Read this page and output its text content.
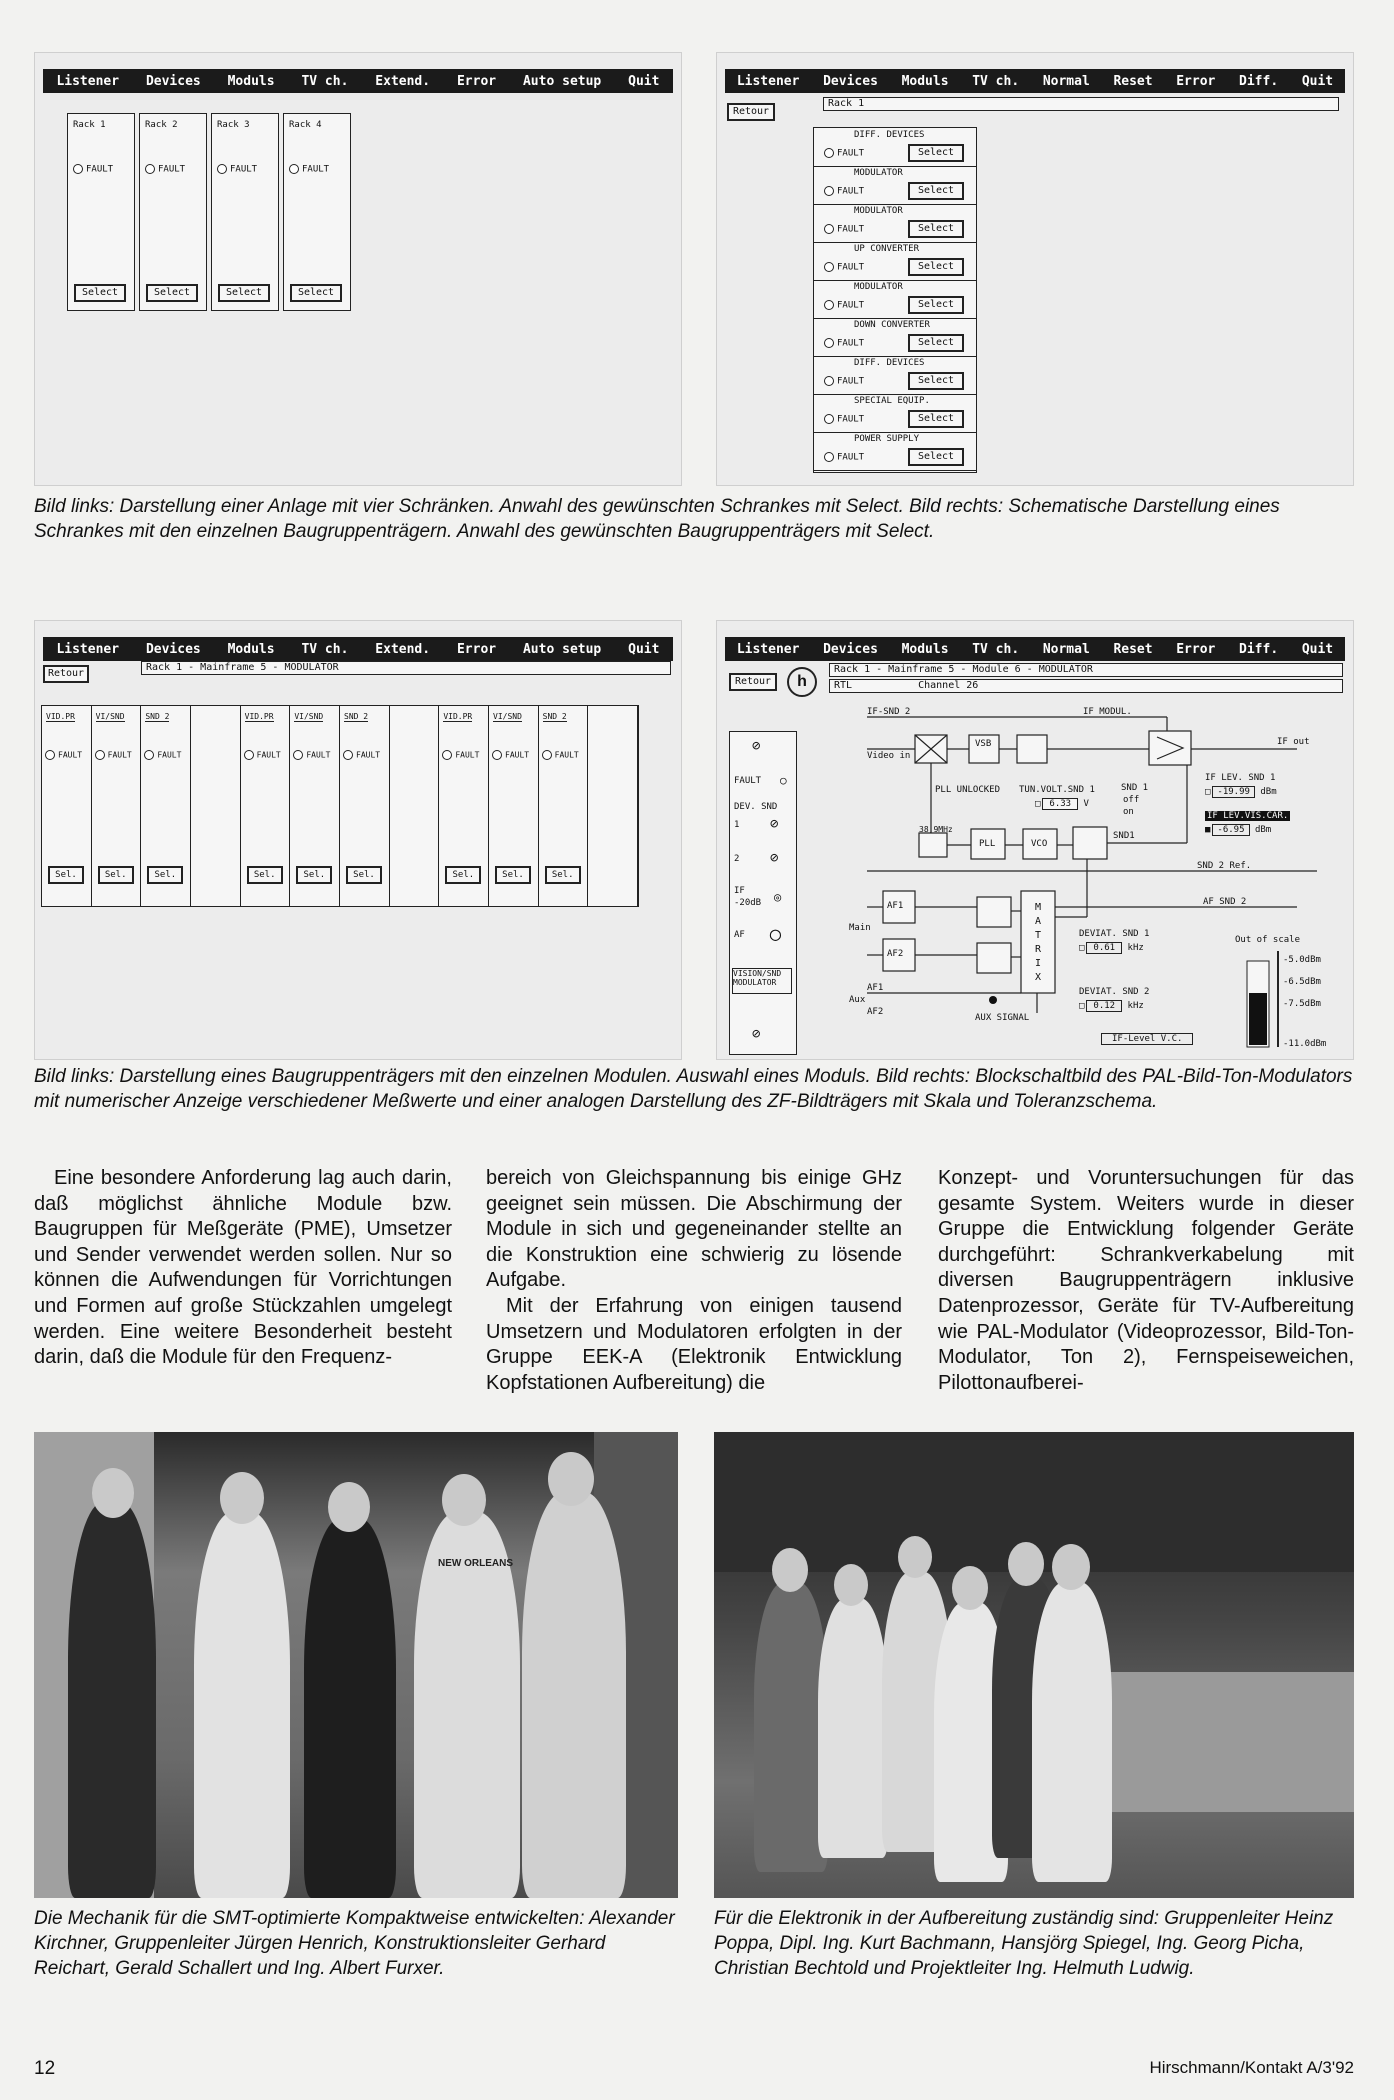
Listener Devices Moduls TV ch. Extend. Error Auto setup Quit
Rack 1
FAULT
Select
Rack 2
FAULT
Select
Rack 3
FAULT
Select
Rack 4
FAULT
Select
Listener Devices Moduls TV ch. Normal Reset Error Diff. Quit
Retour
Rack 1
DIFF. DEVICES
FAULT	Select
MODULATOR
FAULT	Select
MODULATOR
FAULT	Select
UP CONVERTER
FAULT	Select
MODULATOR
FAULT	Select
DOWN CONVERTER
FAULT	Select
DIFF. DEVICES
FAULT	Select
SPECIAL EQUIP.
FAULT	Select
POWER SUPPLY
FAULT	Select
Bild links: Darstellung einer Anlage mit vier Schränken. Anwahl des gewünschten Schrankes mit Select. Bild rechts: Schematische Darstellung eines Schrankes mit den einzelnen Baugruppenträgern. Anwahl des gewünschten Baugruppenträgers mit Select.
Listener Devices Moduls TV ch. Extend. Error Auto setup Quit
Retour
Rack 1 - Mainframe 5 - MODULATOR
VID.PR
FAULT
Sel.
VI/SND
FAULT
Sel.
SND 2
FAULT
Sel.
VID.PR
FAULT
Sel.
VI/SND
FAULT
Sel.
SND 2
FAULT
Sel.
VID.PR
FAULT
Sel.
VI/SND
FAULT
Sel.
SND 2
FAULT
Sel.
Listener Devices Moduls TV ch. Normal Reset Error Diff. Quit
Retour	h
Rack 1 - Mainframe 5 - Module 6 - MODULATOR
RTL	Channel 26
⊘
FAULT ○
DEV. SND
1 ⊘
2 ⊘
IF
-20dB ◎
AF ◯
VISION/SND
MODULATOR
⊘
IF-SND 2	IF MODUL.
Video in
VSB	IF out
PLL UNLOCKED TUN.VOLT.SND 1
□ 6.33 V
SND 1
off
on
IF LEV. SND 1
□ -19.99 dBm
IF LEV.VIS.CAR.
■ -6.95 dBm
38,9MHz
PLL	VCO
SND1
SND 2 Ref.
AF1
AF2
AF SND 2
Main
AF1
Aux
AF2
M
A
T
R
I
X
DEVIAT. SND 1
□ 0.61 kHz
DEVIAT. SND 2
□ 0.12 kHz
AUX SIGNAL
IF-Level V.C.
Out of scale
-5.0dBm
-6.5dBm
-7.5dBm
-11.0dBm
Bild links: Darstellung eines Baugruppenträgers mit den einzelnen Modulen. Auswahl eines Moduls. Bild rechts: Blockschaltbild des PAL-Bild-Ton-Modulators mit numerischer Anzeige verschiedener Meßwerte und einer analogen Darstellung des ZF-Bildträgers mit Skala und Toleranzschema.

Eine besondere Anforderung lag auch darin, daß möglichst ähnliche Module bzw. Baugruppen für Meßgeräte (PME), Umsetzer und Sender verwendet werden sollen. Nur so können die Aufwendungen für Vorrichtungen und Formen auf große Stückzahlen umgelegt werden. Eine weitere Besonderheit besteht darin, daß die Module für den Frequenz-

bereich von Gleichspannung bis einige GHz geeignet sein müssen. Die Abschirmung der Module in sich und gegeneinander stellte an die Konstruktion eine schwierig zu lösende Aufgabe.

Mit der Erfahrung von einigen tausend Umsetzern und Modulatoren erfolgten in der Gruppe EEK-A (Elektronik Entwicklung Kopfstationen Aufbereitung) die

Konzept- und Voruntersuchungen für das gesamte System. Weiters wurde in dieser Gruppe die Entwicklung folgender Geräte durchgeführt: Schrankverkabelung mit diversen Baugruppenträgern inklusive Datenprozessor, Geräte für TV-Aufbereitung wie PAL-Modulator (Videoprozessor, Bild-Ton-Modulator, Ton 2), Fernspeiseweichen, Pilottonaufberei-

NEW ORLEANS
Die Mechanik für die SMT-optimierte Kompaktweise entwickelten: Alexander Kirchner, Gruppenleiter Jürgen Henrich, Konstruktionsleiter Gerhard Reichart, Gerald Schallert und Ing. Albert Furxer.
Für die Elektronik in der Aufbereitung zuständig sind: Gruppenleiter Heinz Poppa, Dipl. Ing. Kurt Bachmann, Hansjörg Spiegel, Ing. Georg Picha, Christian Bechtold und Projektleiter Ing. Helmuth Ludwig.
12	Hirschmann/Kontakt A/3'92
